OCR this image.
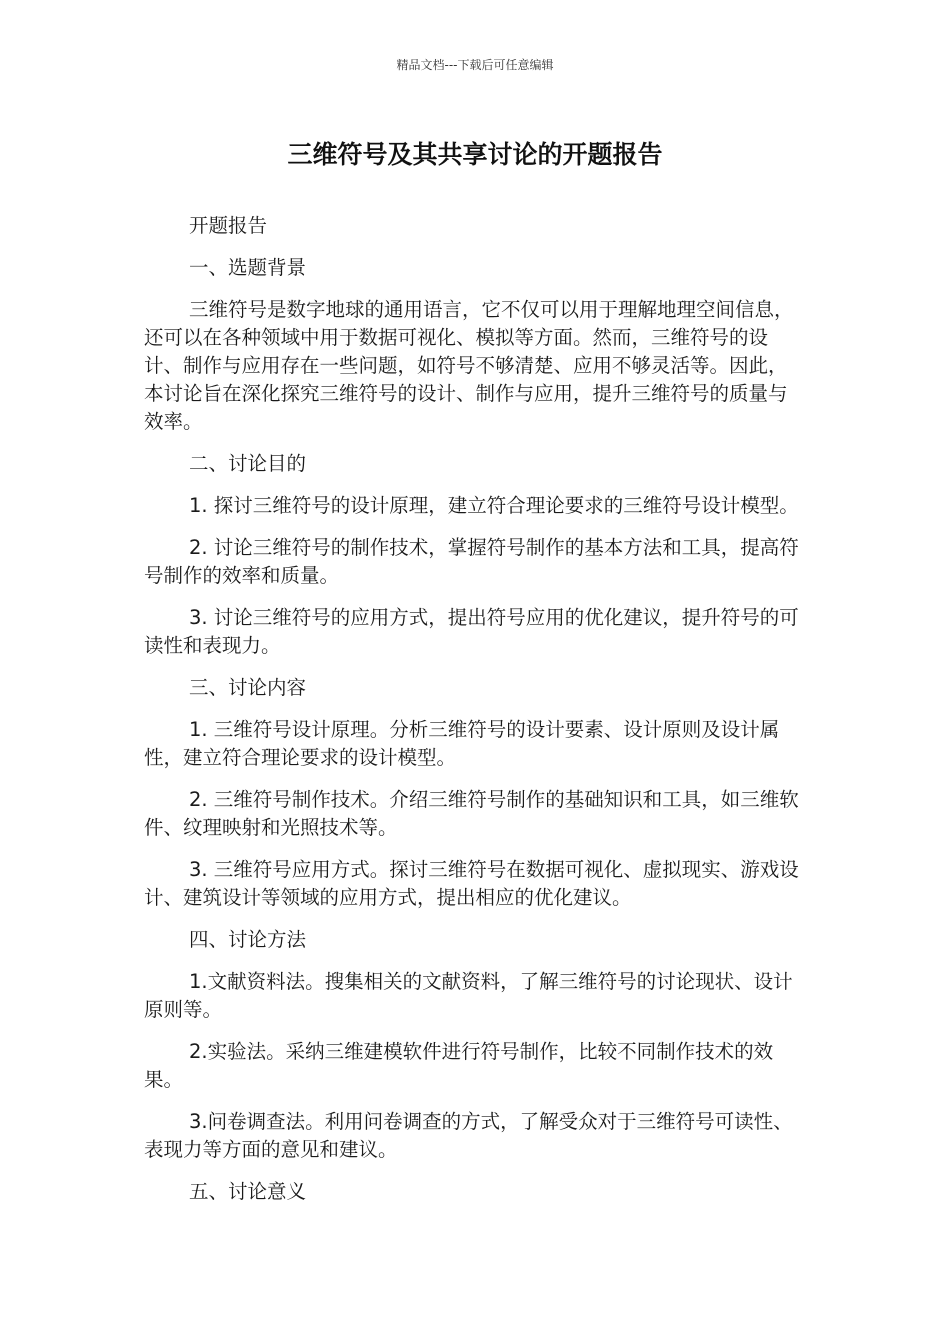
精品文档---下载后可任意编辑
三维符号及其共享讨论的开题报告

开题报告

一、选题背景

三维符号是数字地球的通用语言，它不仅可以用于理解地理空间信息，还可以在各种领域中用于数据可视化、模拟等方面。然而，三维符号的设计、制作与应用存在一些问题，如符号不够清楚、应用不够灵活等。因此，本讨论旨在深化探究三维符号的设计、制作与应用，提升三维符号的质量与效率。

二、讨论目的

1. 探讨三维符号的设计原理，建立符合理论要求的三维符号设计模型。

2. 讨论三维符号的制作技术，掌握符号制作的基本方法和工具，提高符号制作的效率和质量。

3. 讨论三维符号的应用方式，提出符号应用的优化建议，提升符号的可读性和表现力。

三、讨论内容

1. 三维符号设计原理。分析三维符号的设计要素、设计原则及设计属性，建立符合理论要求的设计模型。

2. 三维符号制作技术。介绍三维符号制作的基础知识和工具，如三维软件、纹理映射和光照技术等。

3. 三维符号应用方式。探讨三维符号在数据可视化、虚拟现实、游戏设计、建筑设计等领域的应用方式，提出相应的优化建议。

四、讨论方法

1.文献资料法。搜集相关的文献资料，了解三维符号的讨论现状、设计原则等。

2.实验法。采纳三维建模软件进行符号制作，比较不同制作技术的效果。

3.问卷调查法。利用问卷调查的方式，了解受众对于三维符号可读性、表现力等方面的意见和建议。

五、讨论意义
